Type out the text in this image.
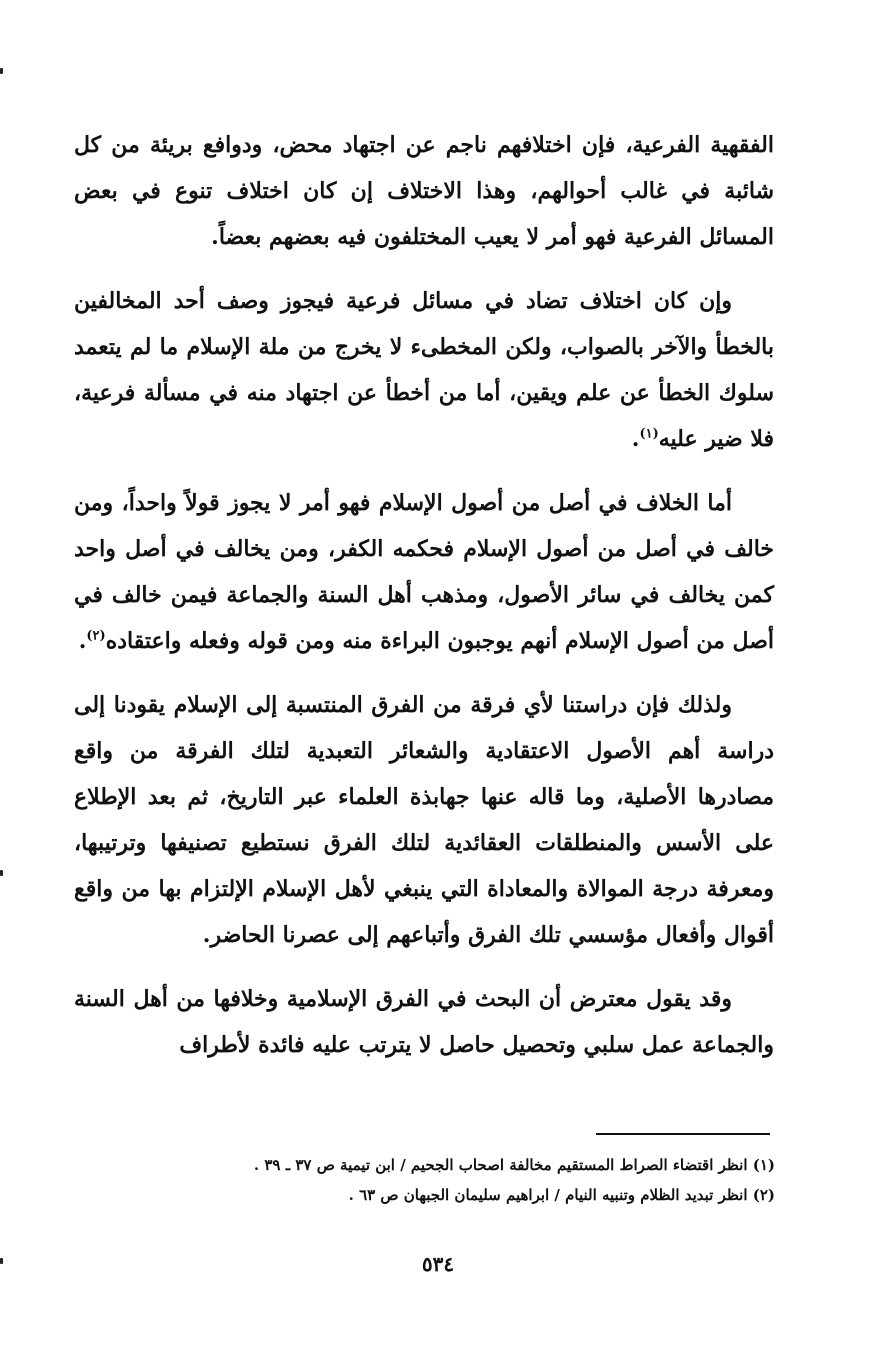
الفقهية الفرعية، فإن اختلافهم ناجم عن اجتهاد محض، ودوافع بريئة من كل شائبة في غالب أحوالهم، وهذا الاختلاف إن كان اختلاف تنوع في بعض المسائل الفرعية فهو أمر لا يعيب المختلفون فيه بعضهم بعضاً.

وإن كان اختلاف تضاد في مسائل فرعية فيجوز وصف أحد المخالفين بالخطأ والآخر بالصواب، ولكن المخطىء لا يخرج من ملة الإسلام ما لم يتعمد سلوك الخطأ عن علم ويقين، أما من أخطأ عن اجتهاد منه في مسألة فرعية، فلا ضير عليه$^{(١)}$.

أما الخلاف في أصل من أصول الإسلام فهو أمر لا يجوز قولاً واحداً، ومن خالف في أصل من أصول الإسلام فحكمه الكفر، ومن يخالف في أصل واحد كمن يخالف في سائر الأصول، ومذهب أهل السنة والجماعة فيمن خالف في أصل من أصول الإسلام أنهم يوجبون البراءة منه ومن قوله وفعله واعتقاده$^{(٢)}$.

ولذلك فإن دراستنا لأي فرقة من الفرق المنتسبة إلى الإسلام يقودنا إلى دراسة أهم الأصول الاعتقادية والشعائر التعبدية لتلك الفرقة من واقع مصادرها الأصلية، وما قاله عنها جهابذة العلماء عبر التاريخ، ثم بعد الإطلاع على الأسس والمنطلقات العقائدية لتلك الفرق نستطيع تصنيفها وترتيبها، ومعرفة درجة الموالاة والمعاداة التي ينبغي لأهل الإسلام الإلتزام بها من واقع أقوال وأفعال مؤسسي تلك الفرق وأتباعهم إلى عصرنا الحاضر.

وقد يقول معترض أن البحث في الفرق الإسلامية وخلافها من أهل السنة والجماعة عمل سلبي وتحصيل حاصل لا يترتب عليه فائدة لأطراف

(١) انظر اقتضاء الصراط المستقيم مخالفة اصحاب الجحيم / ابن تيمية ص ٣٧ ـ ٣٩ .

(٢) انظر تبديد الظلام وتنبيه النيام / ابراهيم سليمان الجبهان ص ٦٣ .

٥٣٤
